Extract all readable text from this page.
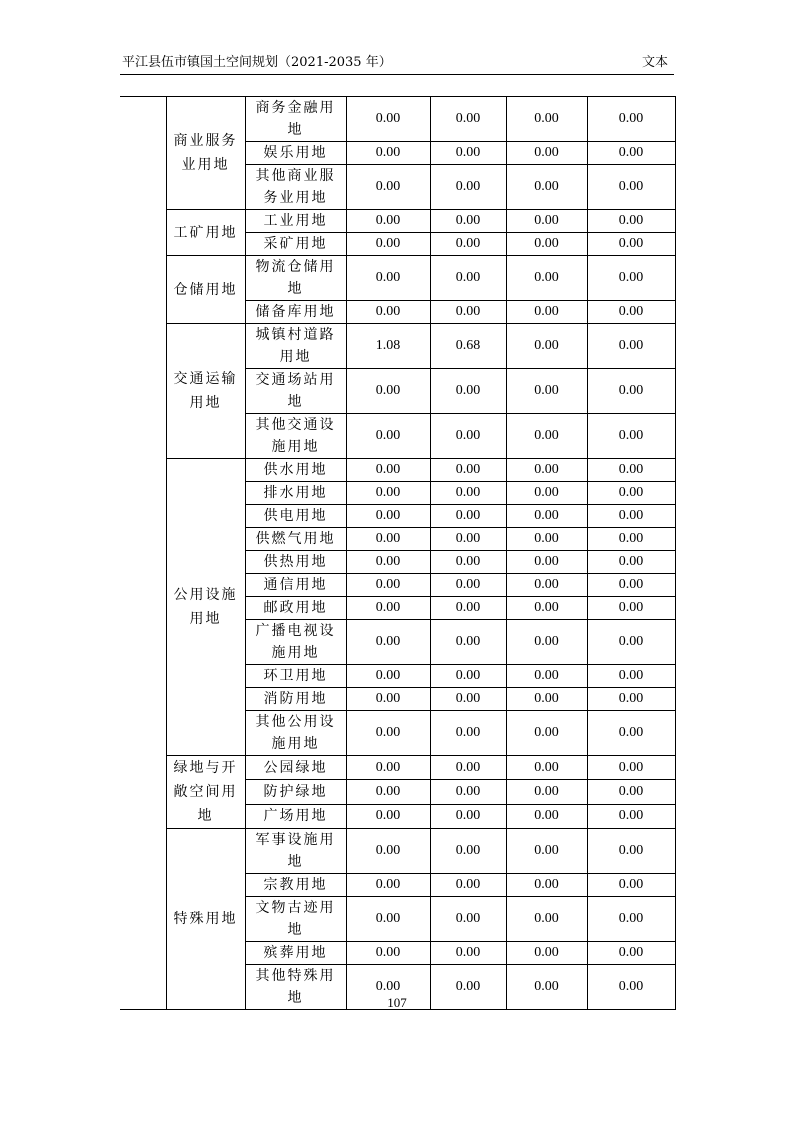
平江县伍市镇国土空间规划（2021-2035 年）	文本
	商业服务业用地	商务金融用地	0.00	0.00	0.00	0.00
		娱乐用地	0.00	0.00	0.00	0.00
		其他商业服务业用地	0.00	0.00	0.00	0.00
	工矿用地	工业用地	0.00	0.00	0.00	0.00
		采矿用地	0.00	0.00	0.00	0.00
	仓储用地	物流仓储用地	0.00	0.00	0.00	0.00
		储备库用地	0.00	0.00	0.00	0.00
	交通运输用地	城镇村道路用地	1.08	0.68	0.00	0.00
		交通场站用地	0.00	0.00	0.00	0.00
		其他交通设施用地	0.00	0.00	0.00	0.00
	公用设施用地	供水用地	0.00	0.00	0.00	0.00
		排水用地	0.00	0.00	0.00	0.00
		供电用地	0.00	0.00	0.00	0.00
		供燃气用地	0.00	0.00	0.00	0.00
		供热用地	0.00	0.00	0.00	0.00
		通信用地	0.00	0.00	0.00	0.00
		邮政用地	0.00	0.00	0.00	0.00
		广播电视设施用地	0.00	0.00	0.00	0.00
		环卫用地	0.00	0.00	0.00	0.00
		消防用地	0.00	0.00	0.00	0.00
		其他公用设施用地	0.00	0.00	0.00	0.00
	绿地与开敞空间用地	公园绿地	0.00	0.00	0.00	0.00
		防护绿地	0.00	0.00	0.00	0.00
		广场用地	0.00	0.00	0.00	0.00
	特殊用地	军事设施用地	0.00	0.00	0.00	0.00
		宗教用地	0.00	0.00	0.00	0.00
		文物古迹用地	0.00	0.00	0.00	0.00
		殡葬用地	0.00	0.00	0.00	0.00
		其他特殊用地	0.00	0.00	0.00	0.00
107
